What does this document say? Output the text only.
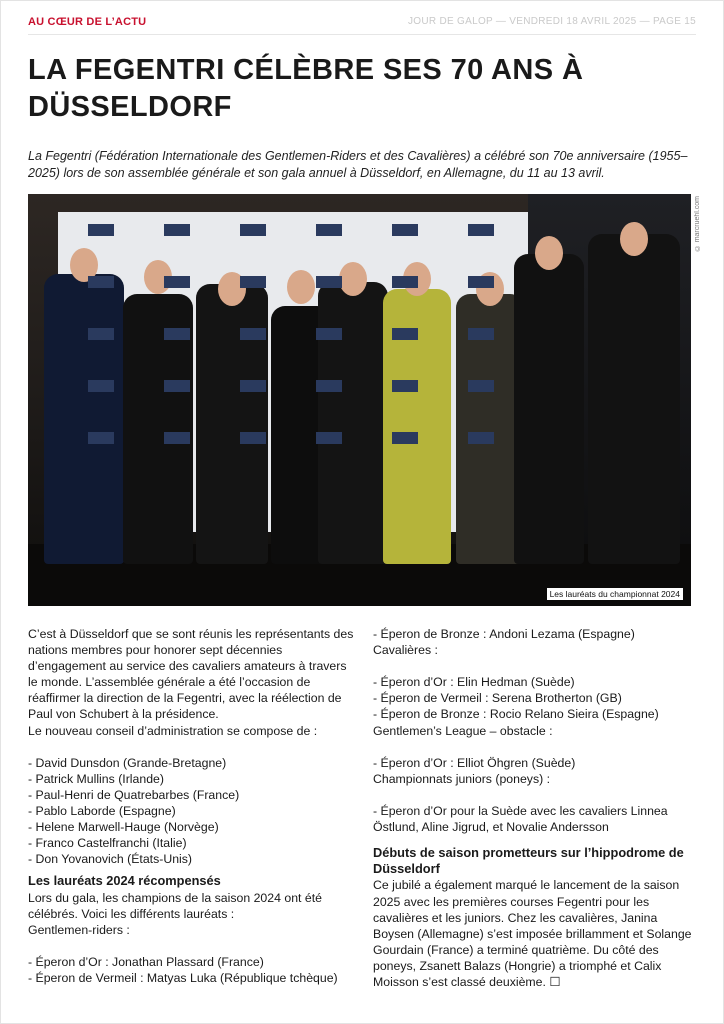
AU CŒUR DE L’ACTU	JOUR DE GALOP — VENDREDI 18 AVRIL 2025 — PAGE 15
LA FEGENTRI CÉLÈBRE SES 70 ANS À DÜSSELDORF

La Fegentri (Fédération Internationale des Gentlemen-Riders et des Cavalières) a célébré son 70e anniversaire (1955–2025) lors de son assemblée générale et son gala annuel à Düsseldorf, en Allemagne, du 11 au 13 avril.

Les lauréats du championnat 2024
© marcruehl.com

C’est à Düsseldorf que se sont réunis les représentants des nations membres pour honorer sept décennies d’engagement au service des cavaliers amateurs à travers le monde. L’assemblée générale a été l’occasion de réaffirmer la direction de la Fegentri, avec la réélection de Paul von Schubert à la présidence.

Le nouveau conseil d’administration se compose de :

- David Dunsdon (Grande-Bretagne)

- Patrick Mullins (Irlande)

- Paul-Henri de Quatrebarbes (France)

- Pablo Laborde (Espagne)

- Helene Marwell-Hauge (Norvège)

- Franco Castelfranchi (Italie)

- Don Yovanovich (États-Unis)

Les lauréats 2024 récompensés

Lors du gala, les champions de la saison 2024 ont été célébrés. Voici les différents lauréats :

Gentlemen-riders :

- Éperon d’Or : Jonathan Plassard (France)

- Éperon de Vermeil : Matyas Luka (République tchèque)

- Éperon de Bronze : Andoni Lezama (Espagne)

Cavalières :

- Éperon d’Or : Elin Hedman (Suède)

- Éperon de Vermeil : Serena Brotherton (GB)

- Éperon de Bronze : Rocio Relano Sieira (Espagne)

Gentlemen’s League – obstacle :

- Éperon d’Or : Elliot Öhgren (Suède)

Championnats juniors (poneys) :

- Éperon d’Or pour la Suède avec les cavaliers Linnea Östlund, Aline Jigrud, et Novalie Andersson

Débuts de saison prometteurs sur l’hippodrome de Düsseldorf

Ce jubilé a également marqué le lancement de la saison 2025 avec les premières courses Fegentri pour les cavalières et les juniors. Chez les cavalières, Janina Boysen (Allemagne) s’est imposée brillamment et Solange Gourdain (France) a terminé quatrième. Du côté des poneys, Zsanett Balazs (Hongrie) a triomphé et Calix Moisson s’est classé deuxième. ☐
